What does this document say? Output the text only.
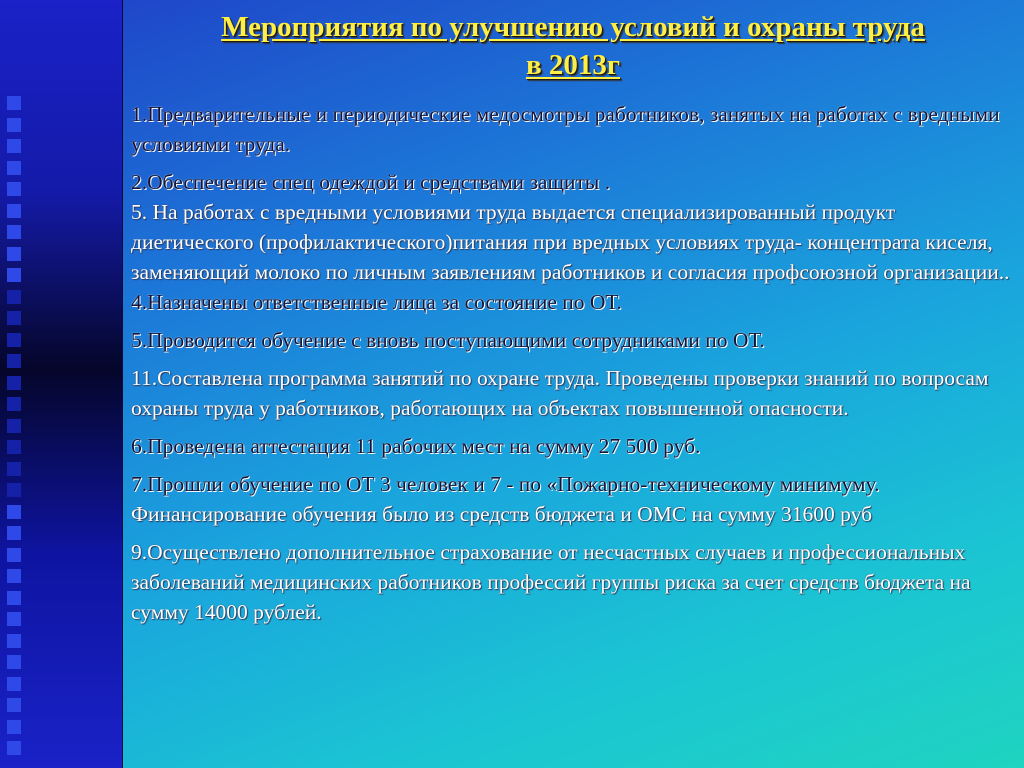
Мероприятия по улучшению условий и охраны труда
в 2013г

1.Предварительные и периодические медосмотры работников, занятых на работах с вредными условиями труда.

2.Обеспечение спец одеждой и средствами защиты .

5. На работах с вредными условиями труда выдается специализированный продукт диетического (профилактического)питания при вредных условиях труда- концентрата киселя, заменяющий молоко по личным заявлениям работников и согласия профсоюзной организации..

4.Назначены ответственные лица за состояние по ОТ.

5.Проводится обучение с вновь поступающими сотрудниками по ОТ.

11.Составлена программа занятий по охране труда. Проведены проверки знаний по вопросам охраны труда у работников, работающих на объектах повышенной опасности.

6.Проведена аттестация 11 рабочих мест на сумму 27 500 руб.

7.Прошли обучение по ОТ 3 человек и 7 - по «Пожарно-техническому минимуму. Финансирование обучения было из средств бюджета и ОМС на сумму 31600 руб

9.Осуществлено дополнительное страхование от несчастных случаев и профессиональных заболеваний медицинских работников профессий группы риска за счет средств бюджета на сумму 14000 рублей.
